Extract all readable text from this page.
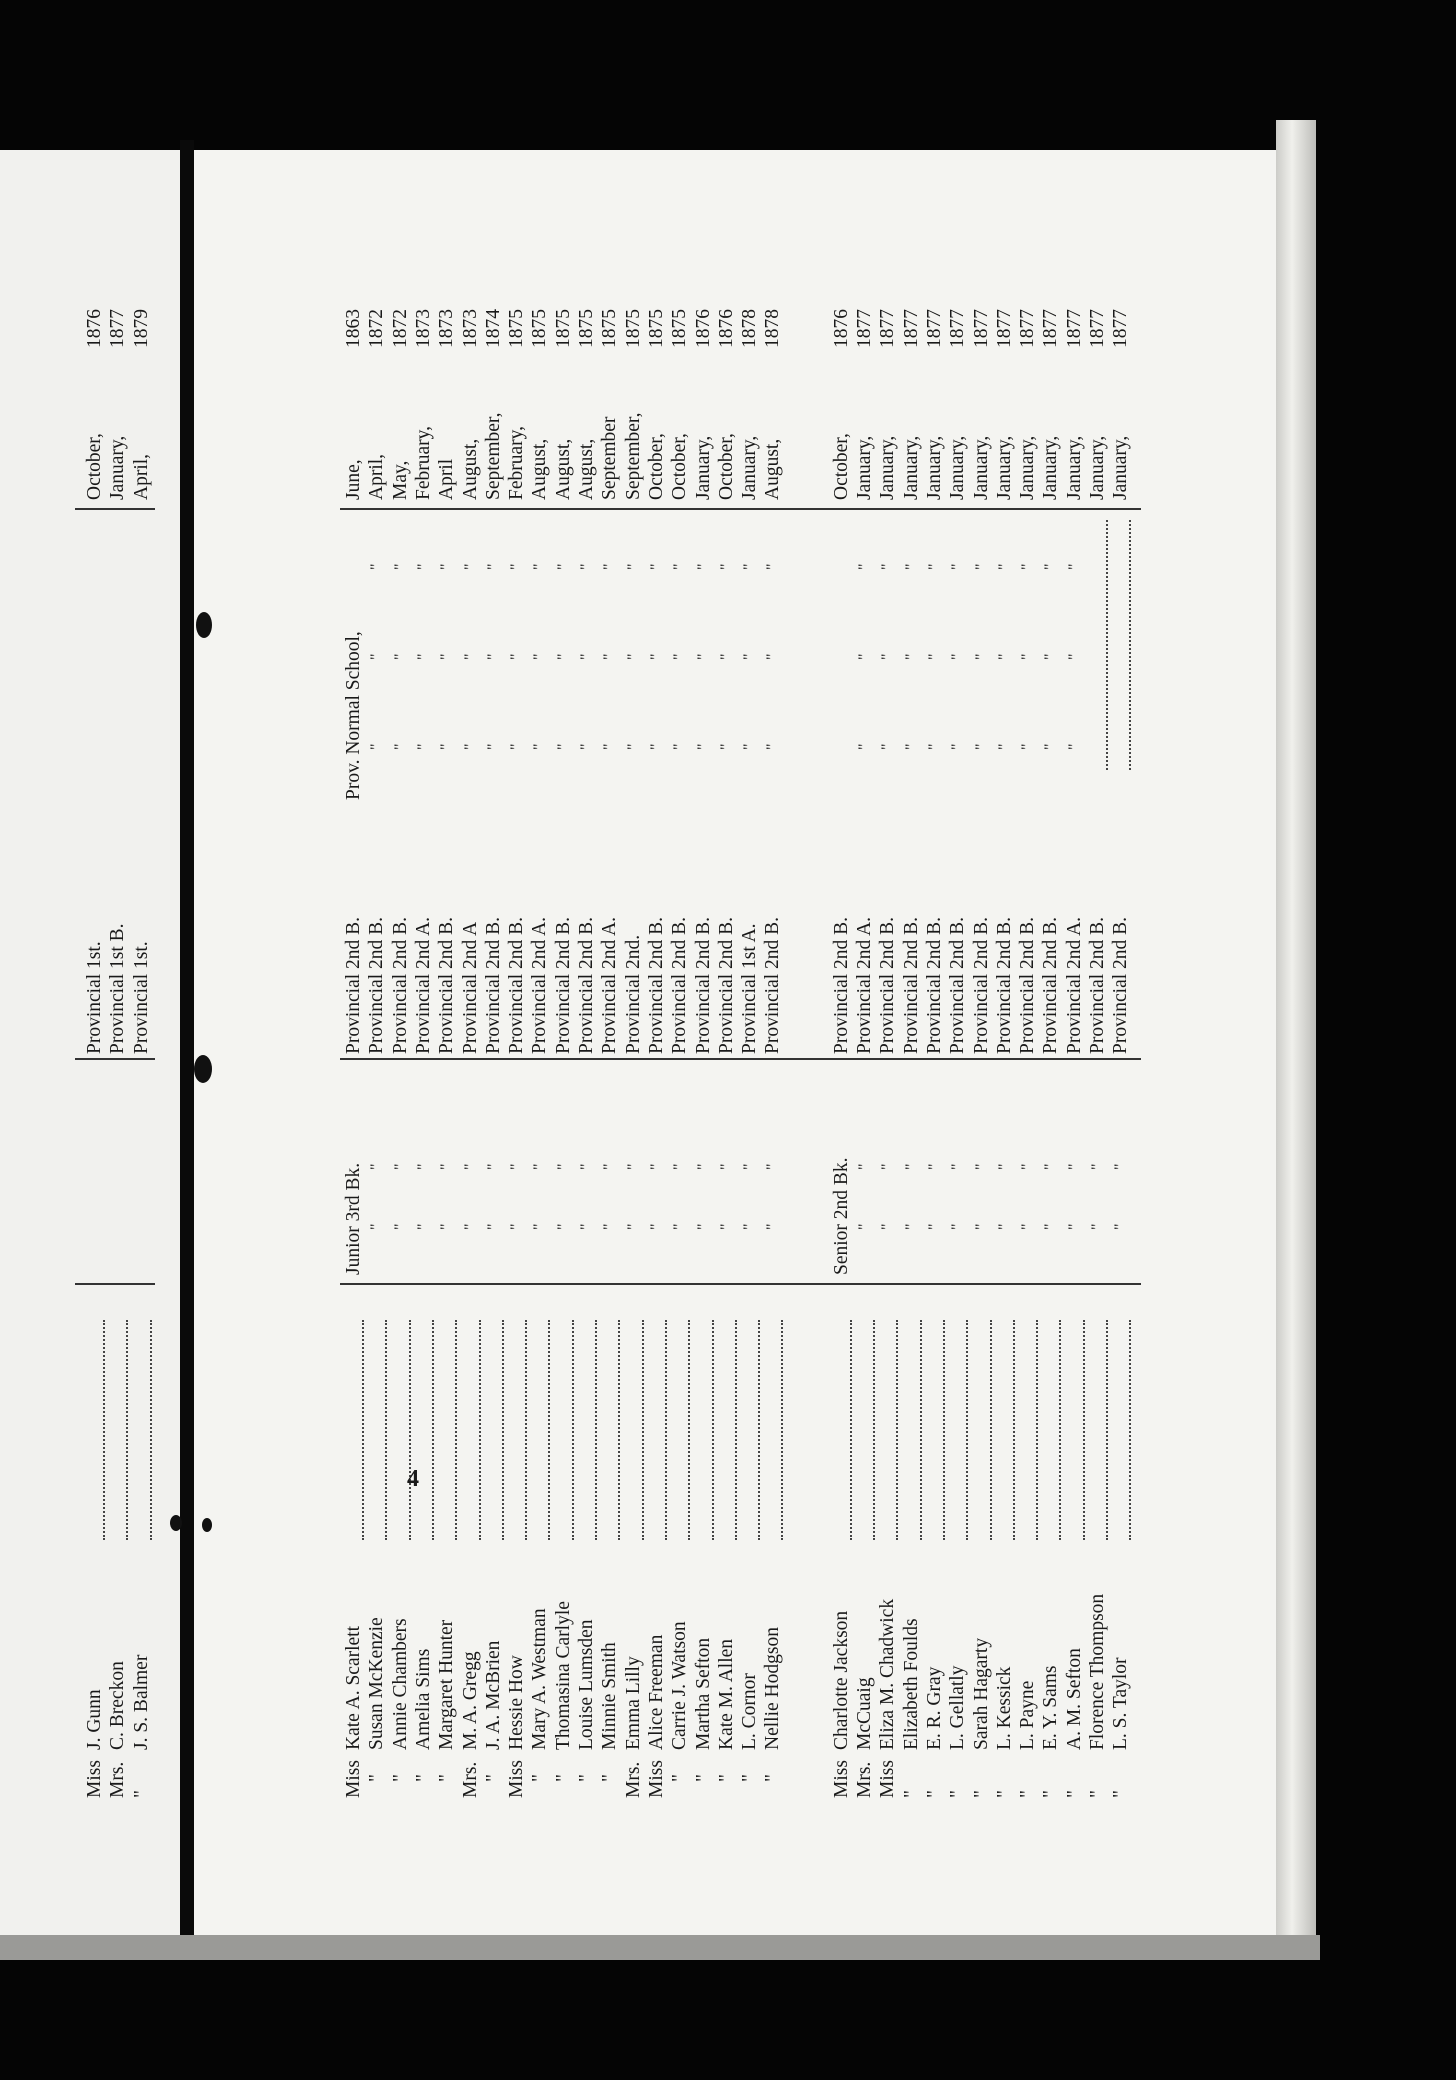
Miss
J. Gunn
Provincial 1st.
October,
1876
Mrs.
C. Breckon
Provincial 1st B.
January,
1877
"
J. S. Balmer
Provincial 1st.
April,
1879
Miss
Kate A. Scarlett
Provincial 2nd B.
June,
1863
"
Susan McKenzie
Provincial 2nd B.
April,
1872
"
Annie Chambers
Provincial 2nd B.
May,
1872
"
Amelia Sims
Provincial 2nd A.
February,
1873
"
Margaret Hunter
Provincial 2nd B.
April
1873
Mrs.
M. A. Gregg
Provincial 2nd A
August,
1873
"
J. A. McBrien
Provincial 2nd B.
September,
1874
Miss
Hessie How
Provincial 2nd B.
February,
1875
"
Mary A. Westman
Provincial 2nd A.
August,
1875
"
Thomasina Carlyle
Provincial 2nd B.
August,
1875
"
Louise Lumsden
Provincial 2nd B.
August,
1875
"
Minnie Smith
Provincial 2nd A.
September
1875
Mrs.
Emma Lilly
Provincial 2nd.
September,
1875
Miss
Alice Freeman
Provincial 2nd B.
October,
1875
"
Carrie J. Watson
Provincial 2nd B.
October,
1875
"
Martha Sefton
Provincial 2nd B.
January,
1876
"
Kate M. Allen
Provincial 2nd B.
October,
1876
"
L. Cornor
Provincial 1st A.
January,
1878
"
Nellie Hodgson
Provincial 2nd B.
August,
1878
Miss
Charlotte Jackson
Provincial 2nd B.
October,
1876
Mrs.
McCuaig
Provincial 2nd A.
January,
1877
Miss
Eliza M. Chadwick
Provincial 2nd B.
January,
1877
"
Elizabeth Foulds
Provincial 2nd B.
January,
1877
"
E. R. Gray
Provincial 2nd B.
January,
1877
"
L. Gellatly
Provincial 2nd B.
January,
1877
"
Sarah Hagarty
Provincial 2nd B.
January,
1877
"
L. Kessick
Provincial 2nd B.
January,
1877
"
L. Payne
Provincial 2nd B.
January,
1877
"
E. Y. Sams
Provincial 2nd B.
January,
1877
"
A. M. Sefton
Provincial 2nd A.
January,
1877
"
Florence Thompson
Provincial 2nd B.
January,
1877
"
L. S. Taylor
Provincial 2nd B.
January,
1877
Junior 3rd Bk.	Senior 2nd Bk.
Prov. Normal School,
"
"
"
"
"
"
"
"
"
"
"
"
"
"
"
"
"
"
"
"
"
"
"
"
"
"
"
"
"
"
"
"
"
"
"
"
"
"
"
"
"
"
"
"
"
"
"
"
"
"
"
"
"
"
"
"
"
"
"
"
"
"
"
"
"
"
"
"
"
"
"
"
"
"
"
"
"
"
"
"
"
"
"
"
"
"
"
"
"
"
"
"
"
"
"
"
"
"
"
"
"
"
"
"
"
"
"
"
"
"
"
"
"
"
"
"
"
"
"
"
"
"
"
"
"
"
"
"
"
"
"
"
"
"
"
"
"
"
"
"
"
"
"
"
4
